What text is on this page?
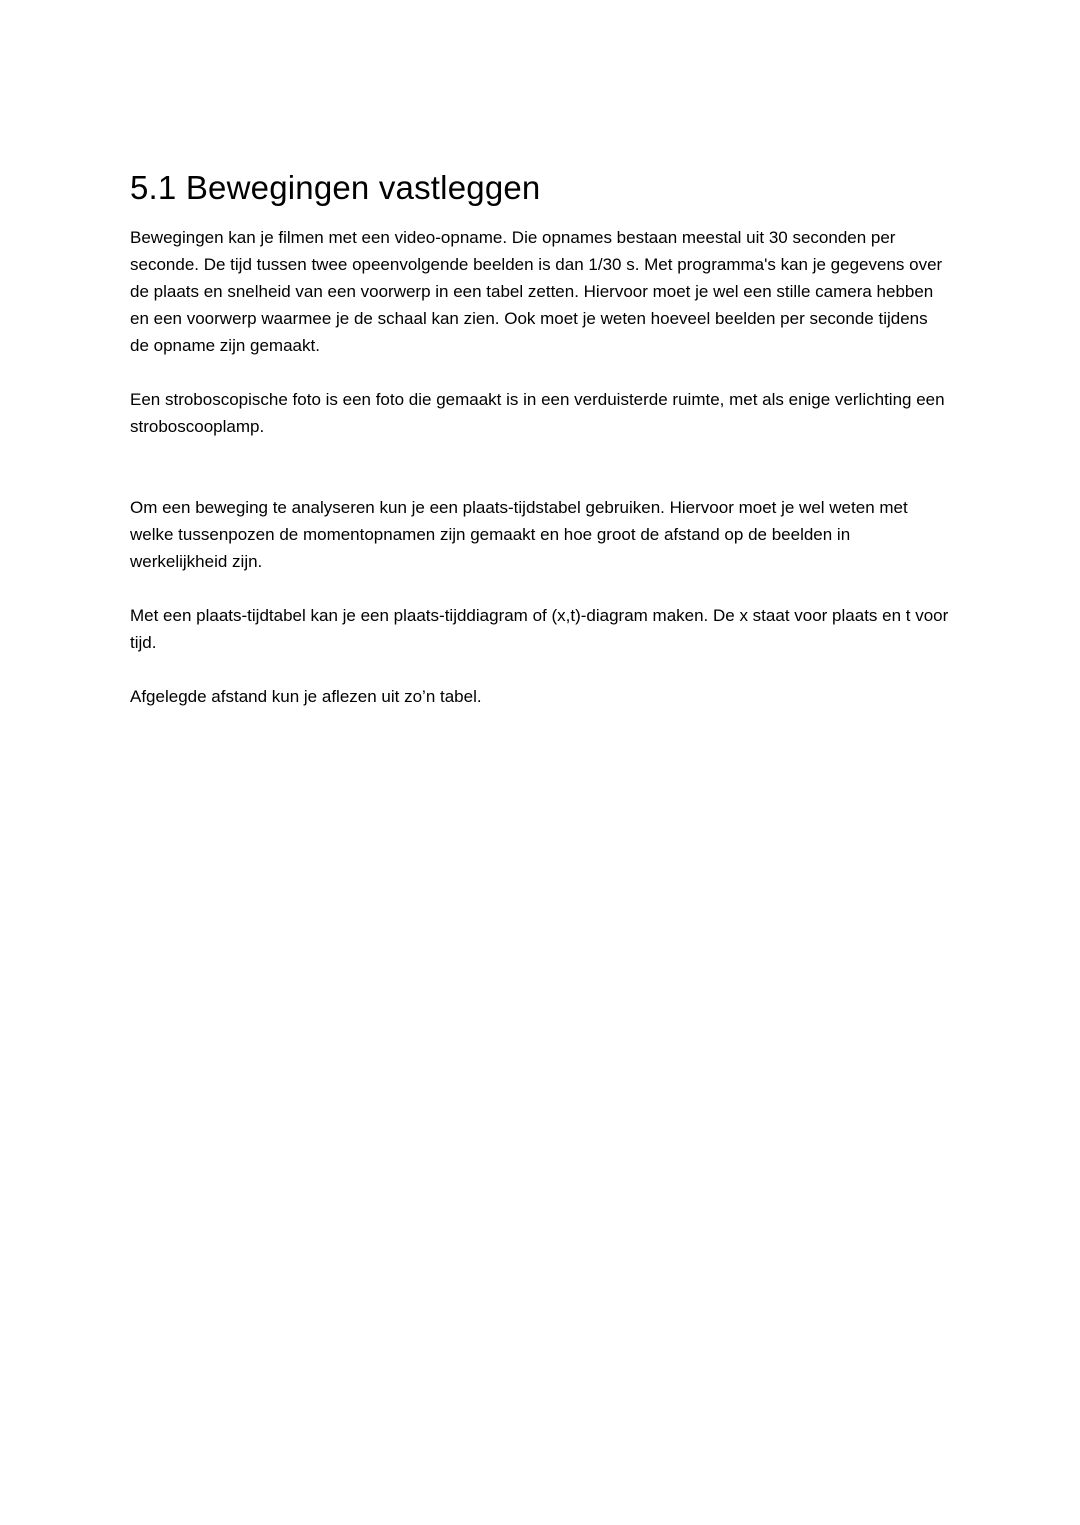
5.1 Bewegingen vastleggen

Bewegingen kan je filmen met een video-opname. Die opnames bestaan meestal uit 30 seconden per seconde. De tijd tussen twee opeenvolgende beelden is dan 1/30 s. Met programma's kan je gegevens over de plaats en snelheid van een voorwerp in een tabel zetten. Hiervoor moet je wel een stille camera hebben en een voorwerp waarmee je de schaal kan zien. Ook moet je weten hoeveel beelden per seconde tijdens de opname zijn gemaakt.

Een stroboscopische foto is een foto die gemaakt is in een verduisterde ruimte, met als enige verlichting een stroboscooplamp.

Om een beweging te analyseren kun je een plaats-tijdstabel gebruiken. Hiervoor moet je wel weten met welke tussenpozen de momentopnamen zijn gemaakt en hoe groot de afstand op de beelden in werkelijkheid zijn.

Met een plaats-tijdtabel kan je een plaats-tijddiagram of (x,t)-diagram maken. De x staat voor plaats en t voor tijd.

Afgelegde afstand kun je aflezen uit zo’n tabel.
